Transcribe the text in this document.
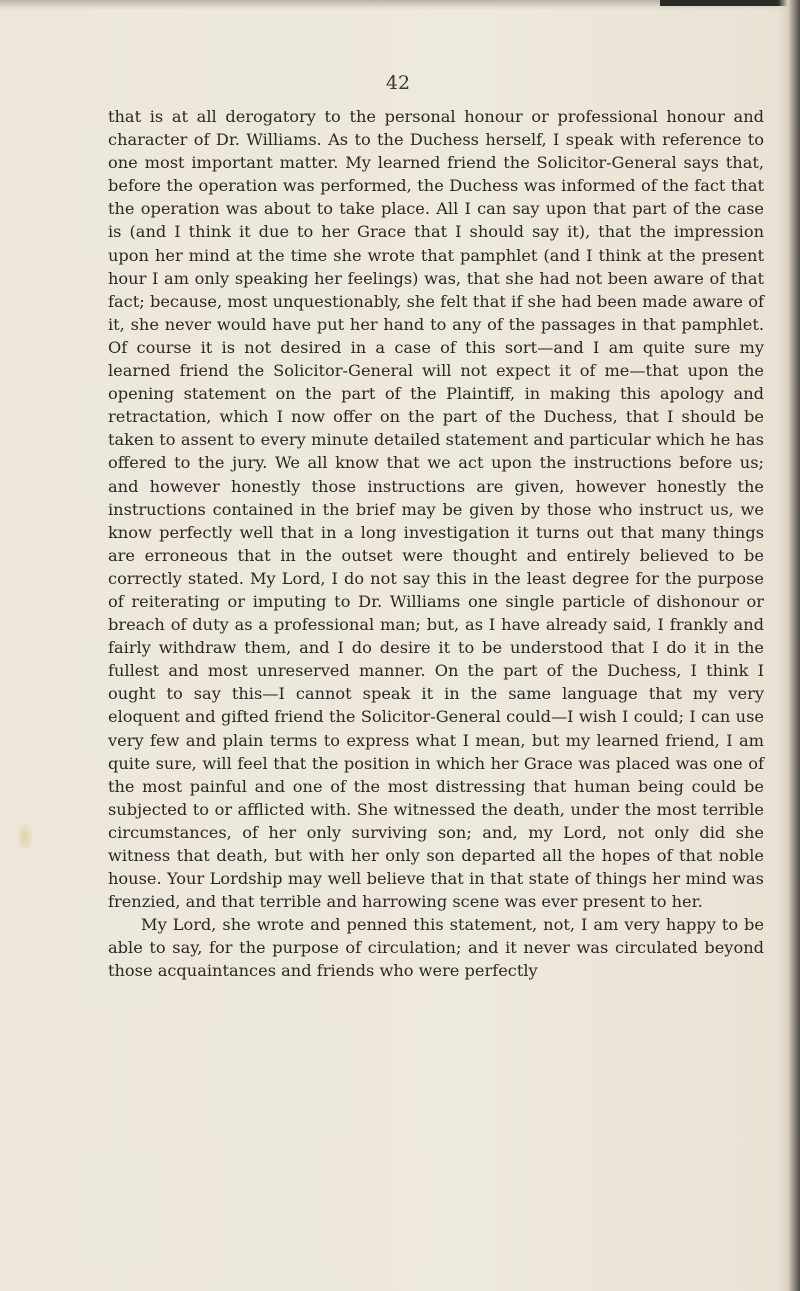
42

that is at all derogatory to the personal honour or professional honour and character of Dr. Williams. As to the Duchess herself, I speak with reference to one most important matter. My learned friend the Solicitor-General says that, before the operation was performed, the Duchess was informed of the fact that the operation was about to take place. All I can say upon that part of the case is (and I think it due to her Grace that I should say it), that the impression upon her mind at the time she wrote that pamphlet (and I think at the present hour I am only speaking her feelings) was, that she had not been aware of that fact; because, most unquestionably, she felt that if she had been made aware of it, she never would have put her hand to any of the passages in that pamphlet. Of course it is not desired in a case of this sort—and I am quite sure my learned friend the Solicitor-General will not expect it of me—that upon the opening statement on the part of the Plaintiff, in making this apology and retractation, which I now offer on the part of the Duchess, that I should be taken to assent to every minute detailed statement and particular which he has offered to the jury. We all know that we act upon the instructions before us; and however honestly those instructions are given, however honestly the instructions contained in the brief may be given by those who instruct us, we know perfectly well that in a long investigation it turns out that many things are erroneous that in the outset were thought and entirely believed to be correctly stated. My Lord, I do not say this in the least degree for the purpose of reiterating or imputing to Dr. Williams one single particle of dishonour or breach of duty as a professional man; but, as I have already said, I frankly and fairly withdraw them, and I do desire it to be understood that I do it in the fullest and most unreserved manner. On the part of the Duchess, I think I ought to say this—I cannot speak it in the same language that my very eloquent and gifted friend the Solicitor-General could—I wish I could; I can use very few and plain terms to express what I mean, but my learned friend, I am quite sure, will feel that the position in which her Grace was placed was one of the most painful and one of the most distressing that human being could be subjected to or afflicted with. She witnessed the death, under the most terrible circumstances, of her only surviving son; and, my Lord, not only did she witness that death, but with her only son departed all the hopes of that noble house. Your Lordship may well believe that in that state of things her mind was frenzied, and that terrible and harrowing scene was ever present to her.

My Lord, she wrote and penned this statement, not, I am very happy to be able to say, for the purpose of circulation; and it never was circulated beyond those acquaintances and friends who were perfectly
